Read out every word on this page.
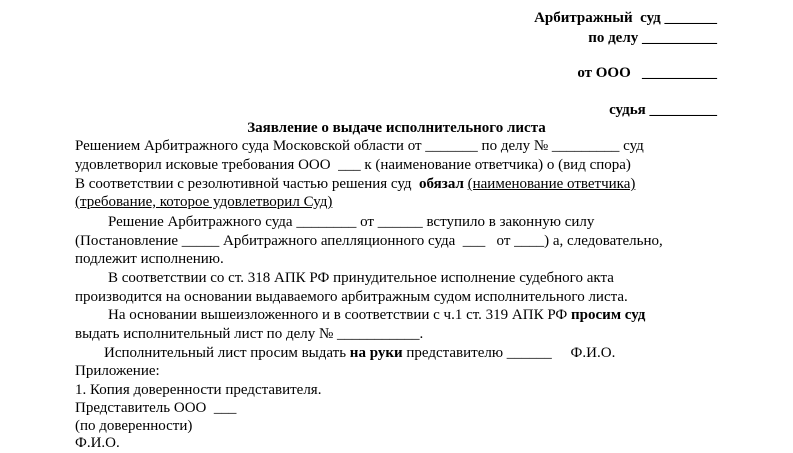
Арбитражный  суд _______
по делу __________
от ООО   __________
судья _________
Заявление о выдаче исполнительного листа
Решением Арбитражного суда Московской области от _______ по делу № _________ суд
удовлетворил исковые требования ООО  ___ к (наименование ответчика) о (вид спора)
В соответствии с резолютивной частью решения суд  обязал (наименование ответчика)
(требование, которое удовлетворил Суд)
Решение Арбитражного суда ________ от ______ вступило в законную силу
(Постановление _____ Арбитражного апелляционного суда  ___   от ____) а, следовательно,
подлежит исполнению.
В соответствии со ст. 318 АПК РФ принудительное исполнение судебного акта
производится на основании выдаваемого арбитражным судом исполнительного листа.
На основании вышеизложенного и в соответствии с ч.1 ст. 319 АПК РФ просим суд
выдать исполнительный лист по делу № ___________.
Исполнительный лист просим выдать на руки представителю ______     Ф.И.О.
Приложение:
1. Копия доверенности представителя.
Представитель ООО  ___
(по доверенности)
Ф.И.О.
